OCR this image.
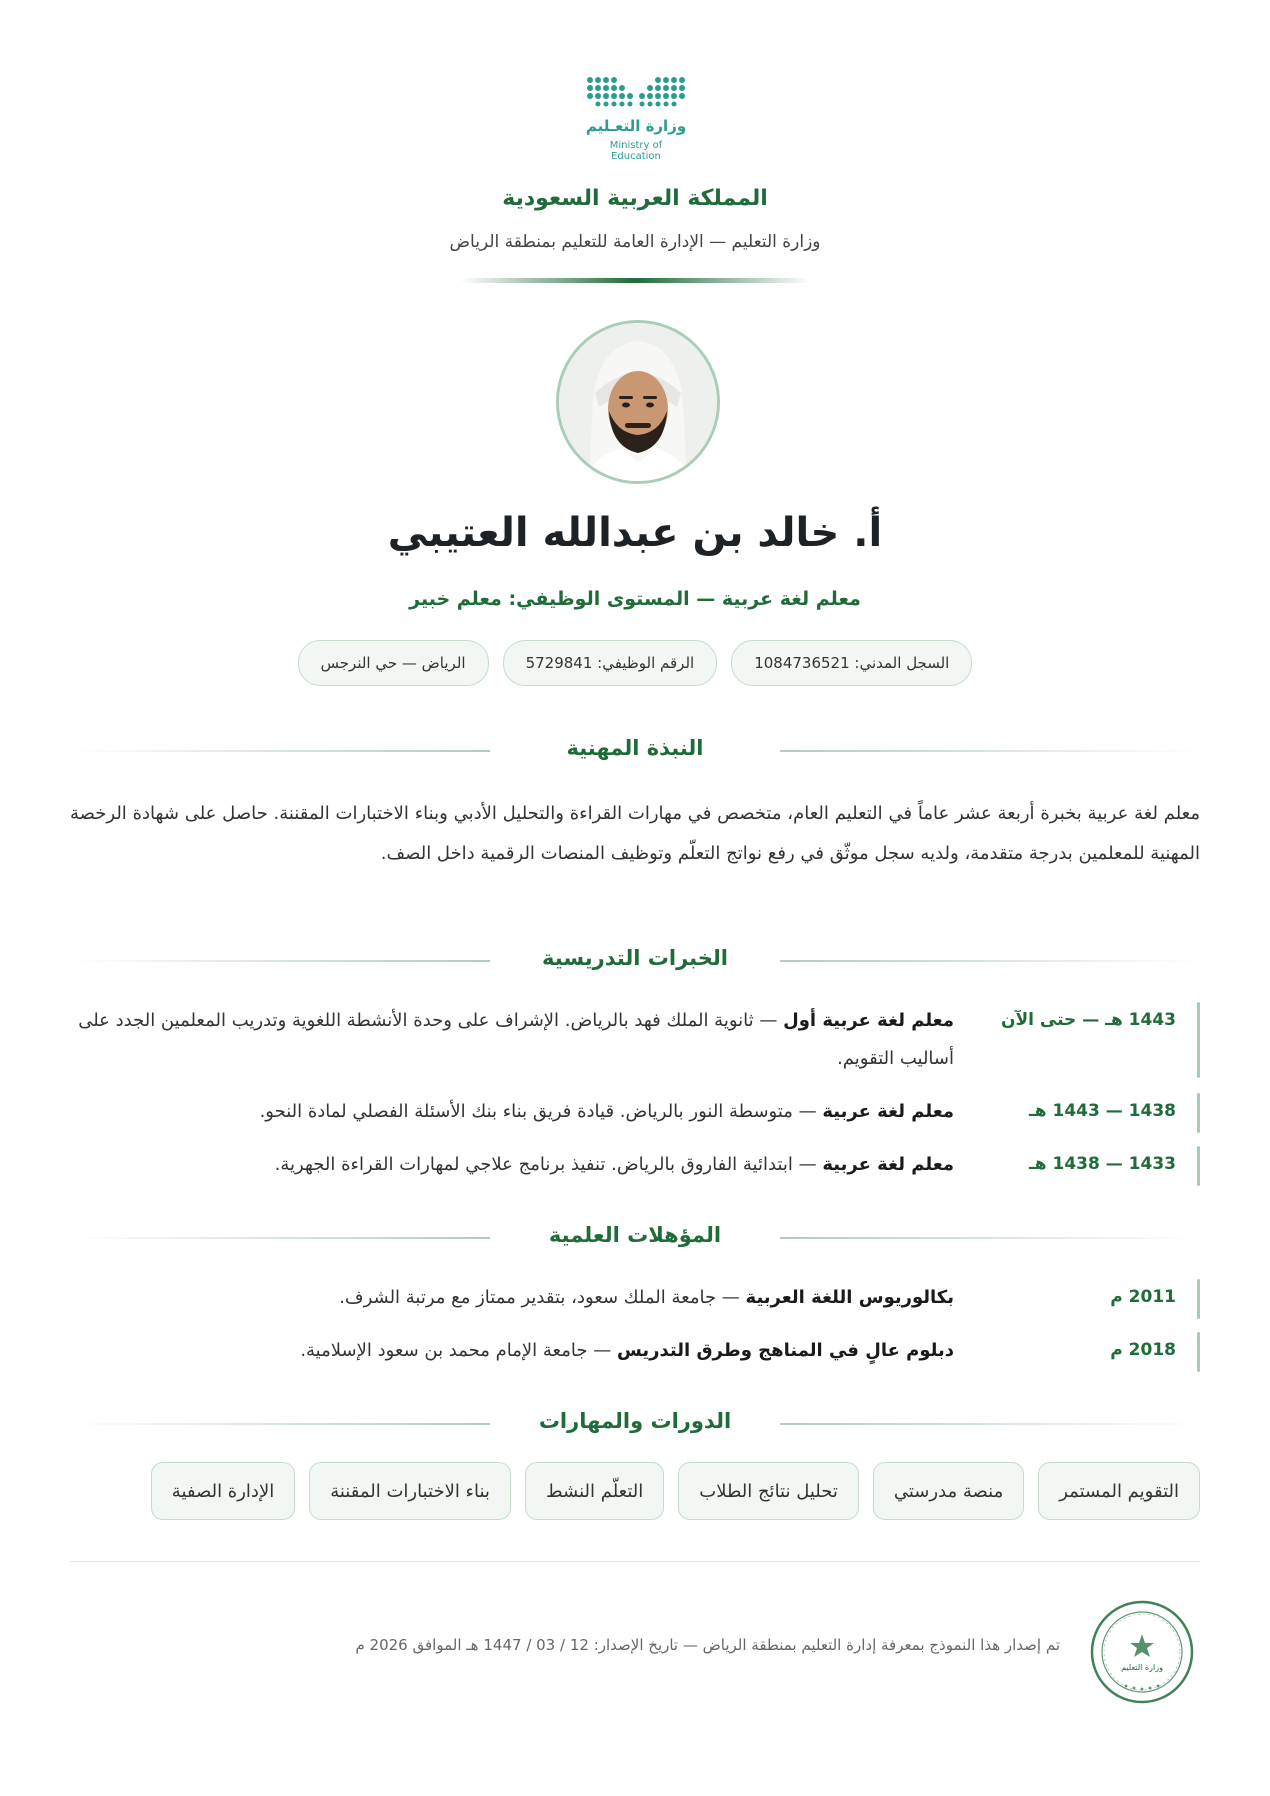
وزارة التعـليم
Ministry of Education
المملكة العربية السعودية
وزارة التعليم — الإدارة العامة للتعليم بمنطقة الرياض
أ. خالد بن عبدالله العتيبي
معلم لغة عربية — المستوى الوظيفي: معلم خبير
السجل المدني: 1084736521
الرقم الوظيفي: 5729841
الرياض — حي النرجس
النبذة المهنية
معلم لغة عربية بخبرة أربعة عشر عاماً في التعليم العام، متخصص في مهارات القراءة والتحليل الأدبي وبناء الاختبارات المقننة. حاصل على شهادة الرخصة المهنية للمعلمين بدرجة متقدمة، ولديه سجل موثّق في رفع نواتج التعلّم وتوظيف المنصات الرقمية داخل الصف.
الخبرات التدريسية
1443 هـ — حتى الآن
معلم لغة عربية أول — ثانوية الملك فهد بالرياض. الإشراف على وحدة الأنشطة اللغوية وتدريب المعلمين الجدد على أساليب التقويم.
1438 — 1443 هـ
معلم لغة عربية — متوسطة النور بالرياض. قيادة فريق بناء بنك الأسئلة الفصلي لمادة النحو.
1433 — 1438 هـ
معلم لغة عربية — ابتدائية الفاروق بالرياض. تنفيذ برنامج علاجي لمهارات القراءة الجهرية.
المؤهلات العلمية
2011 م
بكالوريوس اللغة العربية — جامعة الملك سعود، بتقدير ممتاز مع مرتبة الشرف.
2018 م
دبلوم عالٍ في المناهج وطرق التدريس — جامعة الإمام محمد بن سعود الإسلامية.
الدورات والمهارات
التقويم المستمر
منصة مدرستي
تحليل نتائج الطلاب
التعلّم النشط
بناء الاختبارات المقننة
الإدارة الصفية
تم إصدار هذا النموذج بمعرفة إدارة التعليم بمنطقة الرياض — تاريخ الإصدار: 12 / 03 / 1447 هـ الموافق 2026 م
وزارة التعليم
